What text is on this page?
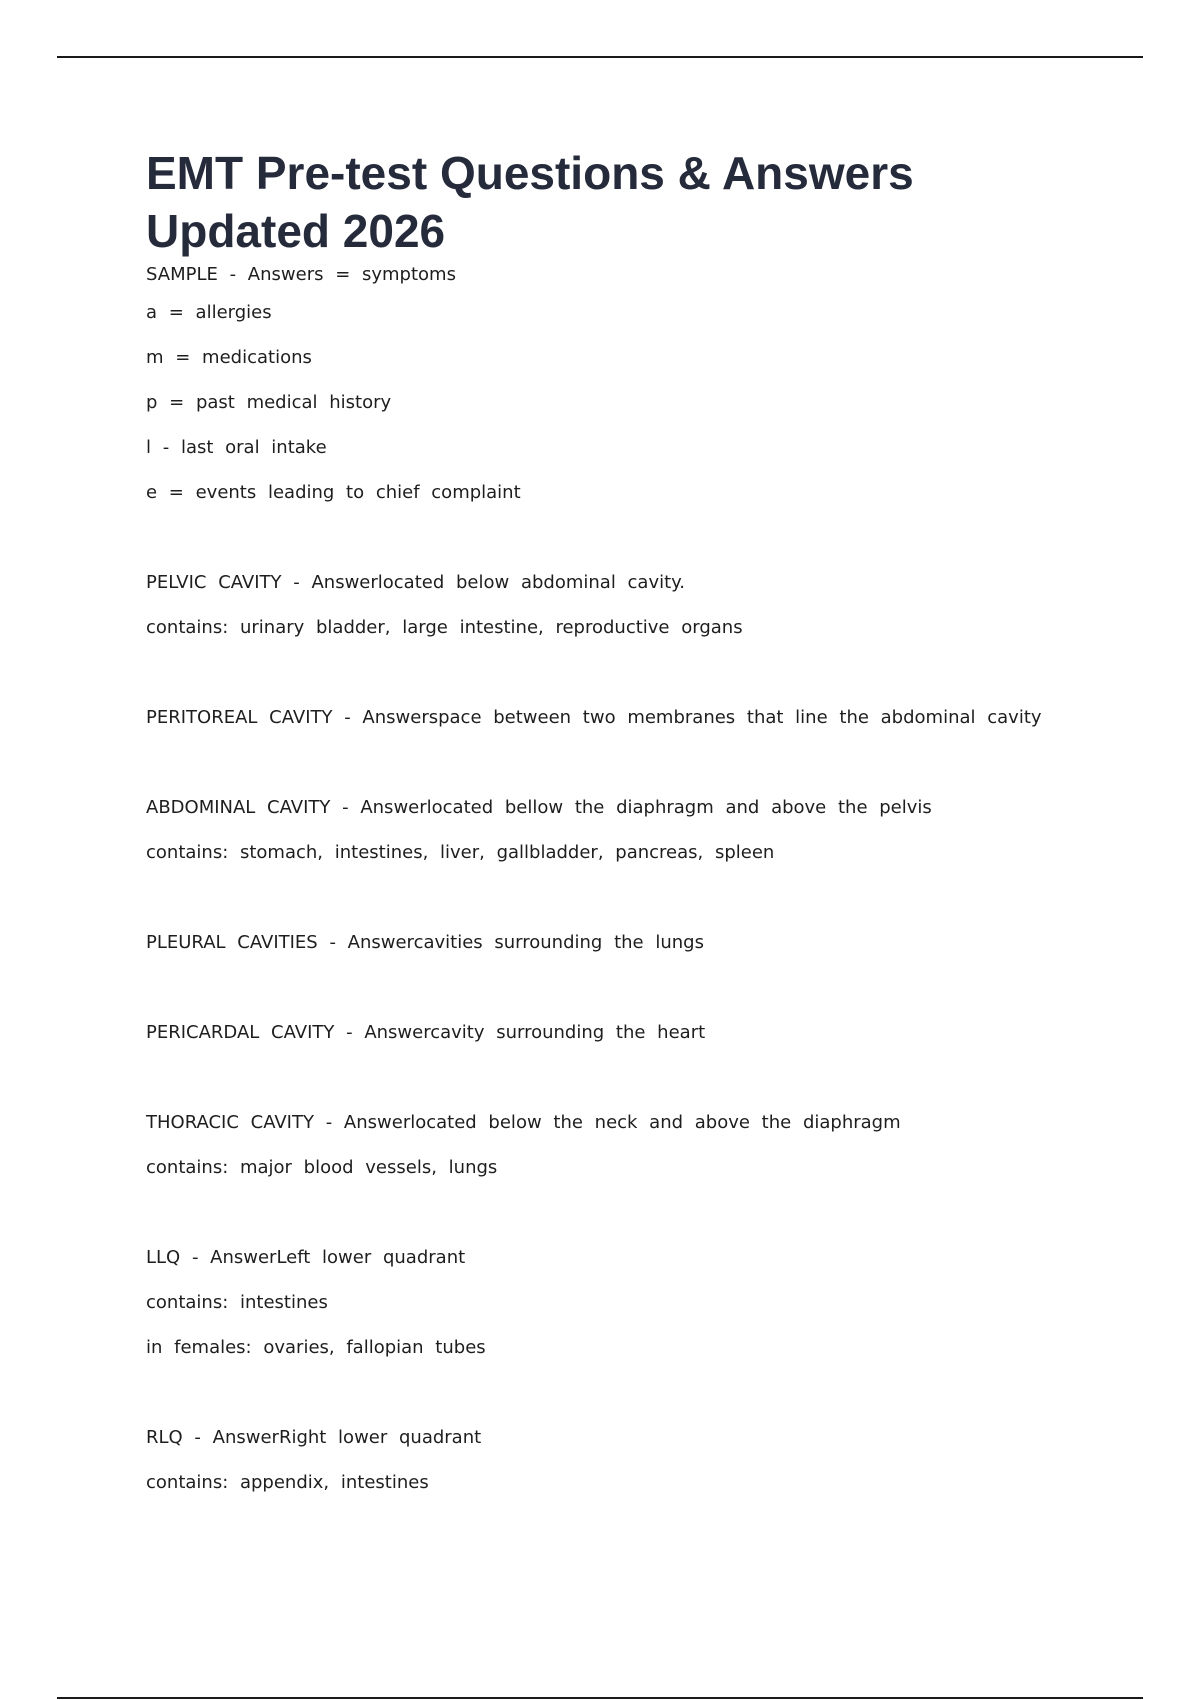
EMT Pre-test Questions & Answers
Updated 2026
SAMPLE - Answers = symptoms
a = allergies
m = medications
p = past medical history
l - last oral intake
e = events leading to chief complaint
PELVIC CAVITY - Answerlocated below abdominal cavity.
contains: urinary bladder, large intestine, reproductive organs
PERITOREAL CAVITY - Answerspace between two membranes that line the abdominal cavity
ABDOMINAL CAVITY - Answerlocated bellow the diaphragm and above the pelvis
contains: stomach, intestines, liver, gallbladder, pancreas, spleen
PLEURAL CAVITIES - Answercavities surrounding the lungs
PERICARDAL CAVITY - Answercavity surrounding the heart
THORACIC CAVITY - Answerlocated below the neck and above the diaphragm
contains: major blood vessels, lungs
LLQ - AnswerLeft lower quadrant
contains: intestines
in females: ovaries, fallopian tubes
RLQ - AnswerRight lower quadrant
contains: appendix, intestines
